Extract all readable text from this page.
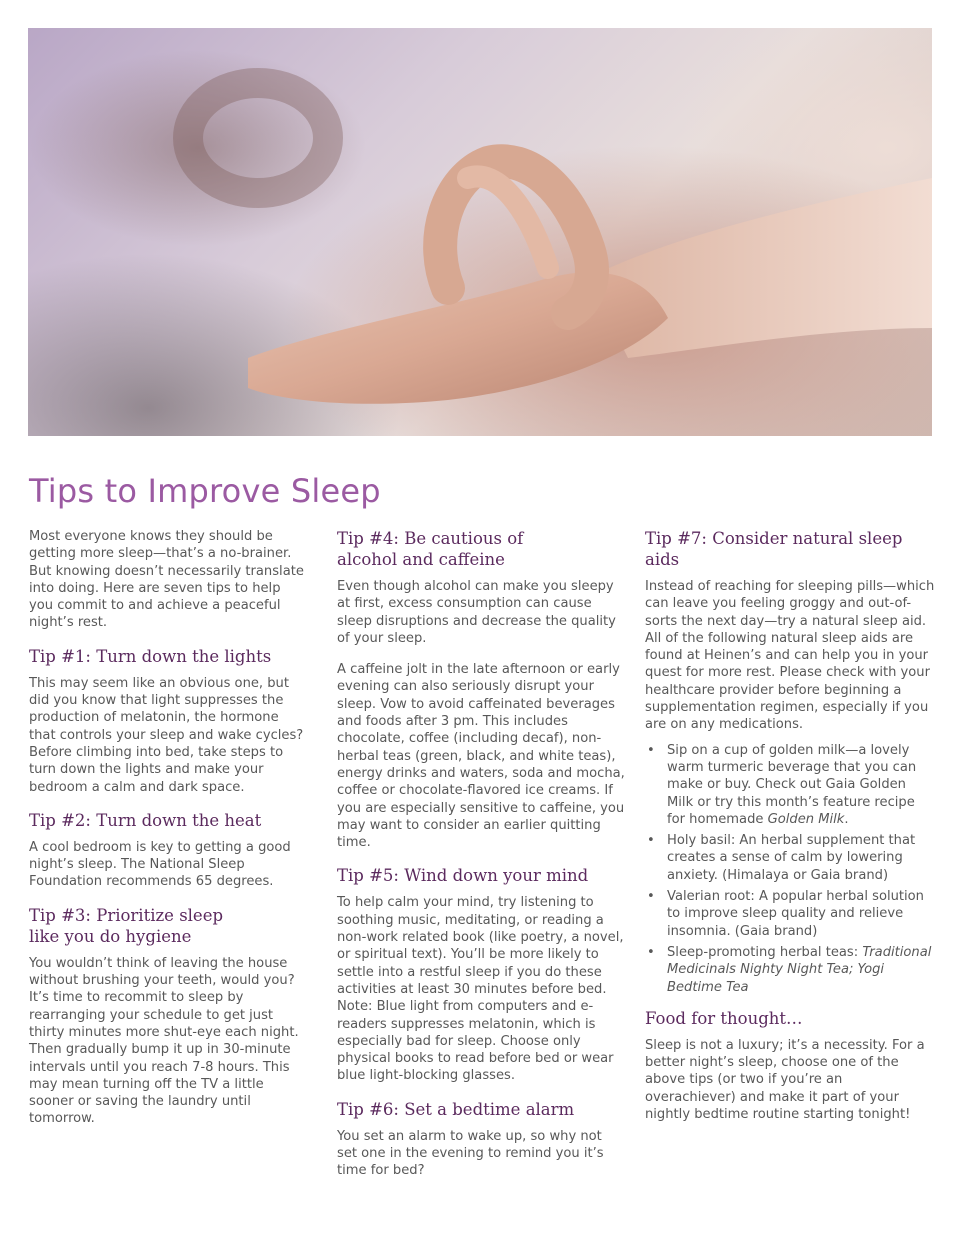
Tips to Improve Sleep

Most everyone knows they should be getting more sleep—that’s a no-brainer. But knowing doesn’t necessarily translate into doing. Here are seven tips to help you commit to and achieve a peaceful night’s rest.

Tip #1: Turn down the lights

This may seem like an obvious one, but did you know that light suppresses the production of melatonin, the hormone that controls your sleep and wake cycles? Before climbing into bed, take steps to turn down the lights and make your bedroom a calm and dark space.

Tip #2: Turn down the heat

A cool bedroom is key to getting a good night’s sleep. The National Sleep Foundation recommends 65 degrees.

Tip #3: Prioritize sleep
like you do hygiene

You wouldn’t think of leaving the house without brushing your teeth, would you? It’s time to recommit to sleep by rearranging your schedule to get just thirty minutes more shut-eye each night. Then gradually bump it up in 30-minute intervals until you reach 7-8 hours. This may mean turning off the TV a little sooner or saving the laundry until tomorrow.

Tip #4: Be cautious of
alcohol and caffeine

Even though alcohol can make you sleepy at first, excess consumption can cause sleep disruptions and decrease the quality of your sleep.

A caffeine jolt in the late afternoon or early evening can also seriously disrupt your sleep. Vow to avoid caffeinated beverages and foods after 3 pm. This includes chocolate, coffee (including decaf), non-herbal teas (green, black, and white teas), energy drinks and waters, soda and mocha, coffee or chocolate-flavored ice creams. If you are especially sensitive to caffeine, you may want to consider an earlier quitting time.

Tip #5: Wind down your mind

To help calm your mind, try listening to soothing music, meditating, or reading a non-work related book (like poetry, a novel, or spiritual text). You’ll be more likely to settle into a restful sleep if you do these activities at least 30 minutes before bed. Note: Blue light from computers and e-readers suppresses melatonin, which is especially bad for sleep. Choose only physical books to read before bed or wear blue light-blocking glasses.

Tip #6: Set a bedtime alarm

You set an alarm to wake up, so why not set one in the evening to remind you it’s time for bed?

Tip #7: Consider natural sleep aids

Instead of reaching for sleeping pills—which can leave you feeling groggy and out-of-sorts the next day—try a natural sleep aid. All of the following natural sleep aids are found at Heinen’s and can help you in your quest for more rest. Please check with your healthcare provider before beginning a supplementation regimen, especially if you are on any medications.

• Sip on a cup of golden milk—a lovely warm turmeric beverage that you can make or buy. Check out Gaia Golden Milk or try this month’s feature recipe for homemade Golden Milk.
• Holy basil: An herbal supplement that creates a sense of calm by lowering anxiety. (Himalaya or Gaia brand)
• Valerian root: A popular herbal solution to improve sleep quality and relieve insomnia. (Gaia brand)
• Sleep-promoting herbal teas: Traditional Medicinals Nighty Night Tea; Yogi Bedtime Tea
Food for thought…

Sleep is not a luxury; it’s a necessity. For a better night’s sleep, choose one of the above tips (or two if you’re an overachiever) and make it part of your nightly bedtime routine starting tonight!
